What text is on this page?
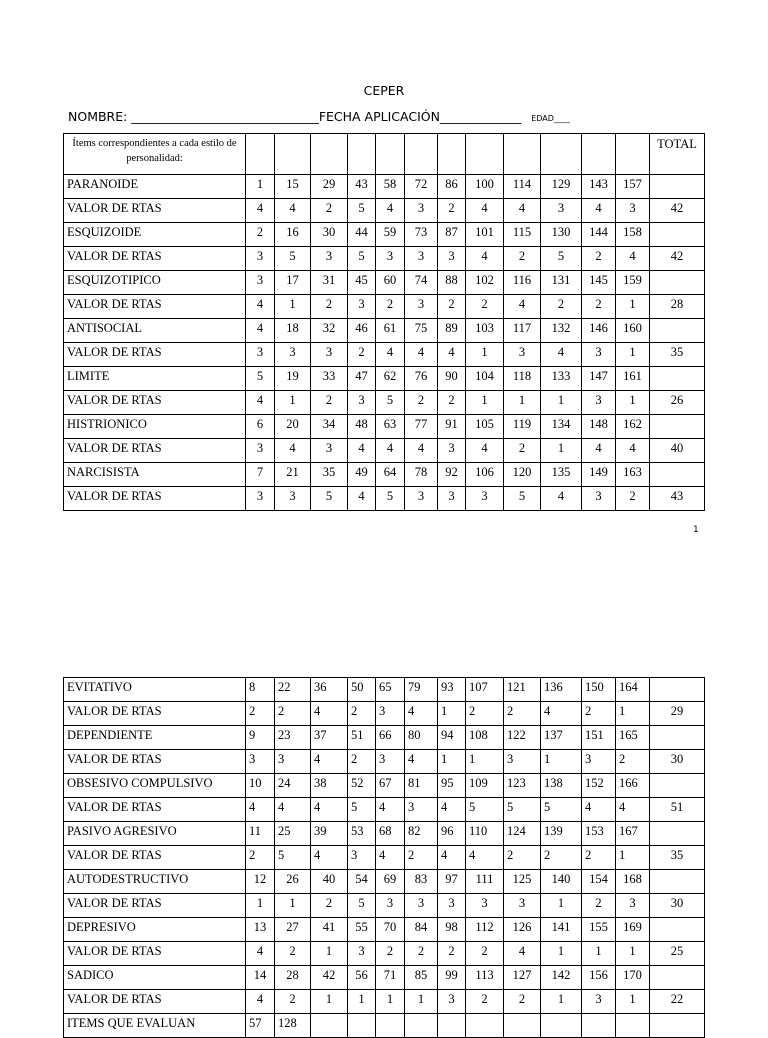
CEPER
NOMBRE: ______________________________FECHA APLICACIÓN_____________ EDAD____
Ítems correspondientes a cada estilo de personalidad:													TOTAL
PARANOIDE	1	15	29	43	58	72	86	100	114	129	143	157	
VALOR DE RTAS	4	4	2	5	4	3	2	4	4	3	4	3	42
ESQUIZOIDE	2	16	30	44	59	73	87	101	115	130	144	158	
VALOR DE RTAS	3	5	3	5	3	3	3	4	2	5	2	4	42
ESQUIZOTIPICO	3	17	31	45	60	74	88	102	116	131	145	159	
VALOR DE RTAS	4	1	2	3	2	3	2	2	4	2	2	1	28
ANTISOCIAL	4	18	32	46	61	75	89	103	117	132	146	160	
VALOR DE RTAS	3	3	3	2	4	4	4	1	3	4	3	1	35
LIMITE	5	19	33	47	62	76	90	104	118	133	147	161	
VALOR DE RTAS	4	1	2	3	5	2	2	1	1	1	3	1	26
HISTRIONICO	6	20	34	48	63	77	91	105	119	134	148	162	
VALOR DE RTAS	3	4	3	4	4	4	3	4	2	1	4	4	40
NARCISISTA	7	21	35	49	64	78	92	106	120	135	149	163	
VALOR DE RTAS	3	3	5	4	5	3	3	3	5	4	3	2	43
1
EVITATIVO	8	22	36	50	65	79	93	107	121	136	150	164	
VALOR DE RTAS	2	2	4	2	3	4	1	2	2	4	2	1	29
DEPENDIENTE	9	23	37	51	66	80	94	108	122	137	151	165	
VALOR DE RTAS	3	3	4	2	3	4	1	1	3	1	3	2	30
OBSESIVO COMPULSIVO	10	24	38	52	67	81	95	109	123	138	152	166	
VALOR DE RTAS	4	4	4	5	4	3	4	5	5	5	4	4	51
PASIVO AGRESIVO	11	25	39	53	68	82	96	110	124	139	153	167	
VALOR DE RTAS	2	5	4	3	4	2	4	4	2	2	2	1	35
AUTODESTRUCTIVO	12	26	40	54	69	83	97	111	125	140	154	168	
VALOR DE RTAS	1	1	2	5	3	3	3	3	3	1	2	3	30
DEPRESIVO	13	27	41	55	70	84	98	112	126	141	155	169	
VALOR DE RTAS	4	2	1	3	2	2	2	2	4	1	1	1	25
SADICO	14	28	42	56	71	85	99	113	127	142	156	170	
VALOR DE RTAS	4	2	1	1	1	1	3	2	2	1	3	1	22
ITEMS QUE EVALUAN	57	128											
